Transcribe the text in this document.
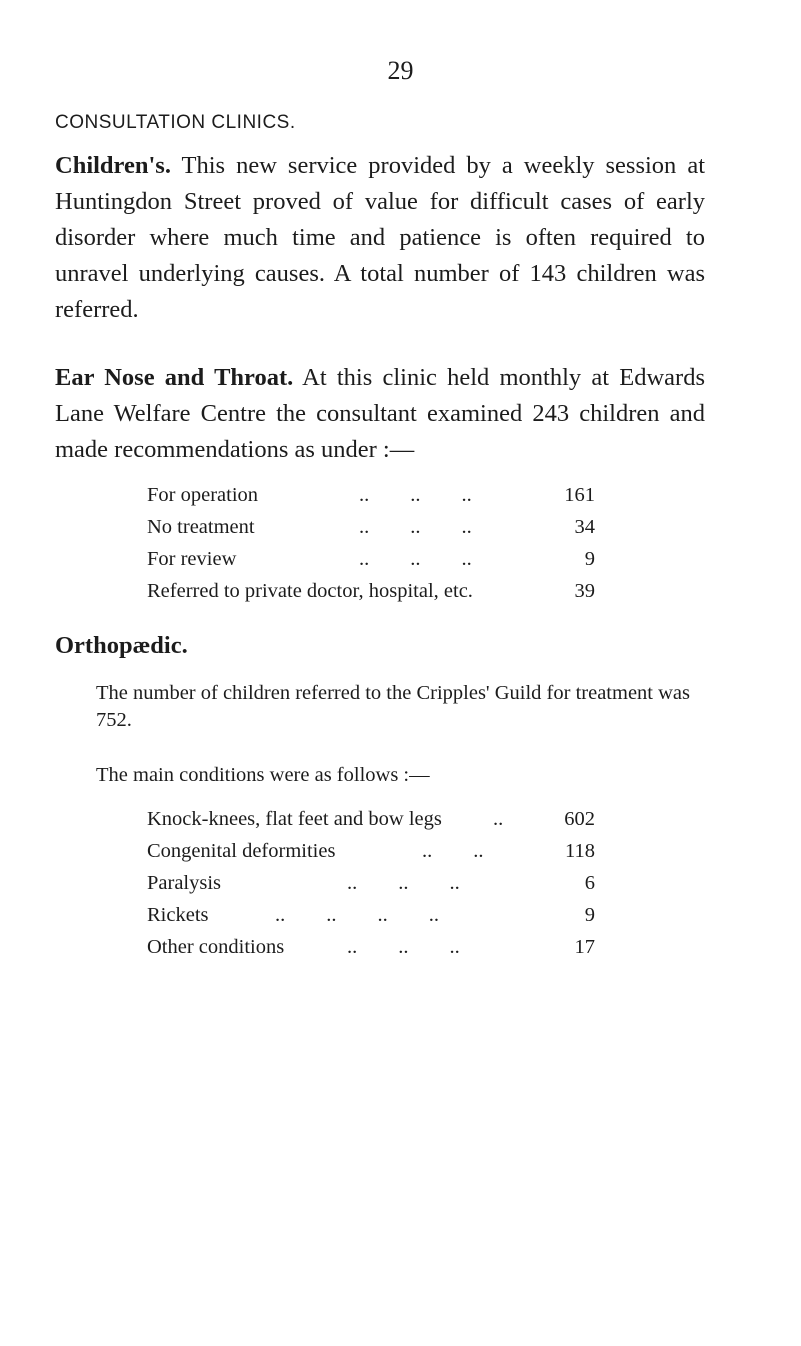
29
CONSULTATION CLINICS.

Children's. This new service provided by a weekly session at Huntingdon Street proved of value for difficult cases of early disorder where much time and patience is often required to unravel underlying causes. A total number of 143 children was referred.

Ear Nose and Throat. At this clinic held monthly at Edwards Lane Welfare Centre the consultant examined 243 children and made recommendations as under :—

For operation	..        ..        ..	161
No treatment	..        ..        ..	34
For review	..        ..        ..	9
Referred to private doctor, hospital, etc.	39
Orthopædic.

The number of children referred to the Cripples' Guild for treatment was 752.

The main conditions were as follows :—

Knock-knees, flat feet and bow legs ..	602
Congenital deformities	..        ..	118
Paralysis	..        ..        ..	6
Rickets	..        ..        ..        ..	9
Other conditions	..        ..        ..	17
